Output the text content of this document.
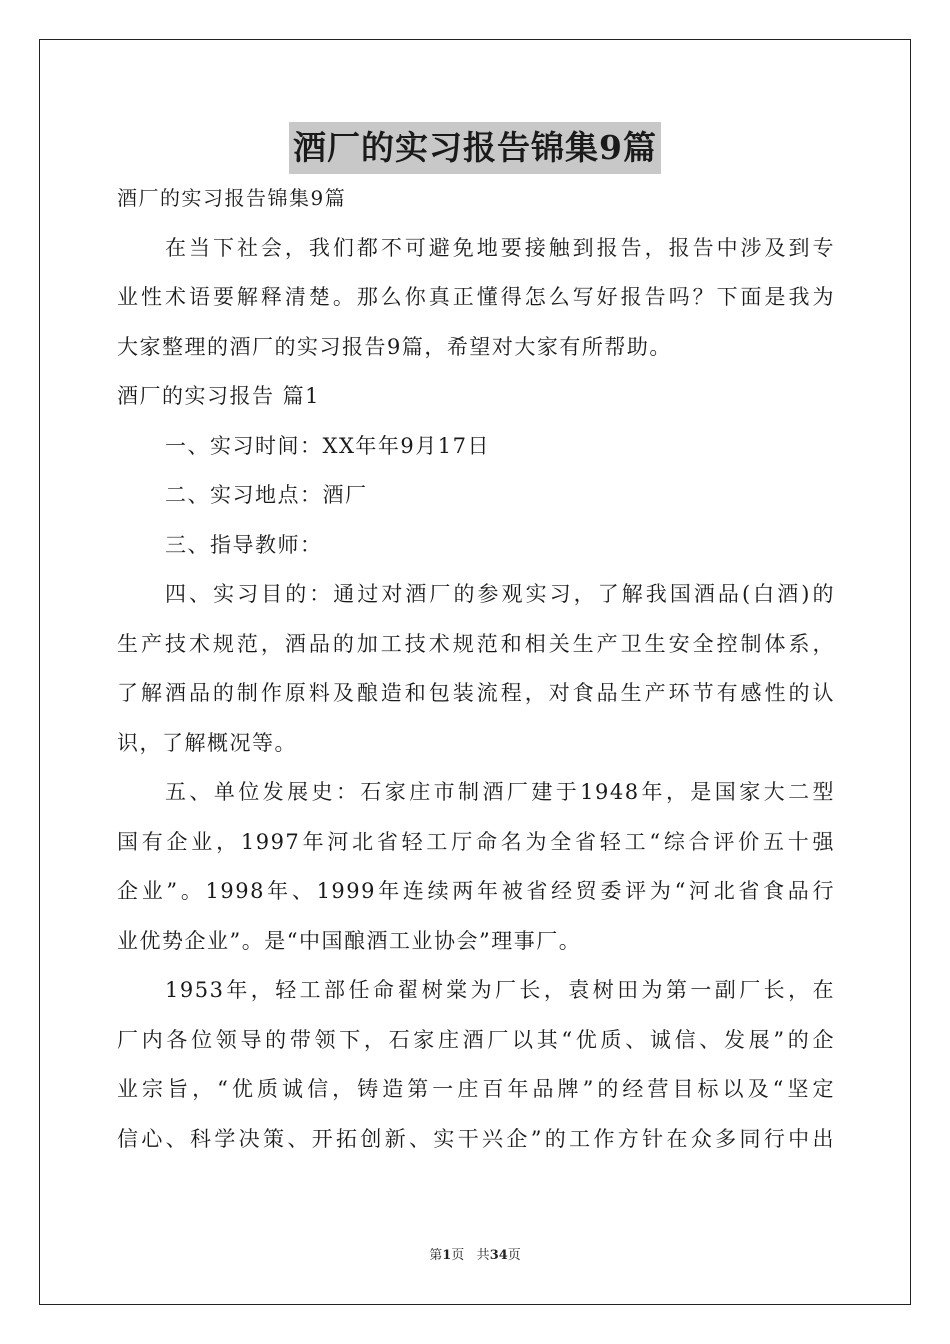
酒厂的实习报告锦集9篇
酒厂的实习报告锦集9篇
在当下社会，我们都不可避免地要接触到报告，报告中涉及到专
业性术语要解释清楚。那么你真正懂得怎么写好报告吗？下面是我为
大家整理的酒厂的实习报告9篇，希望对大家有所帮助。
酒厂的实习报告 篇1
一、实习时间：XX年年9月17日
二、实习地点：酒厂
三、指导教师：
四、实习目的：通过对酒厂的参观实习，了解我国酒品(白酒)的
生产技术规范，酒品的加工技术规范和相关生产卫生安全控制体系，
了解酒品的制作原料及酿造和包装流程，对食品生产环节有感性的认
识，了解概况等。
五、单位发展史：石家庄市制酒厂建于1948年，是国家大二型
国有企业，1997年河北省轻工厅命名为全省轻工“综合评价五十强
企业”。1998年、1999年连续两年被省经贸委评为“河北省食品行
业优势企业”。是“中国酿酒工业协会”理事厂。
1953年，轻工部任命翟树棠为厂长，袁树田为第一副厂长，在
厂内各位领导的带领下，石家庄酒厂以其“优质、诚信、发展”的企
业宗旨，“优质诚信，铸造第一庄百年品牌”的经营目标以及“坚定
信心、科学决策、开拓创新、实干兴企”的工作方针在众多同行中出
第1页 共34页
